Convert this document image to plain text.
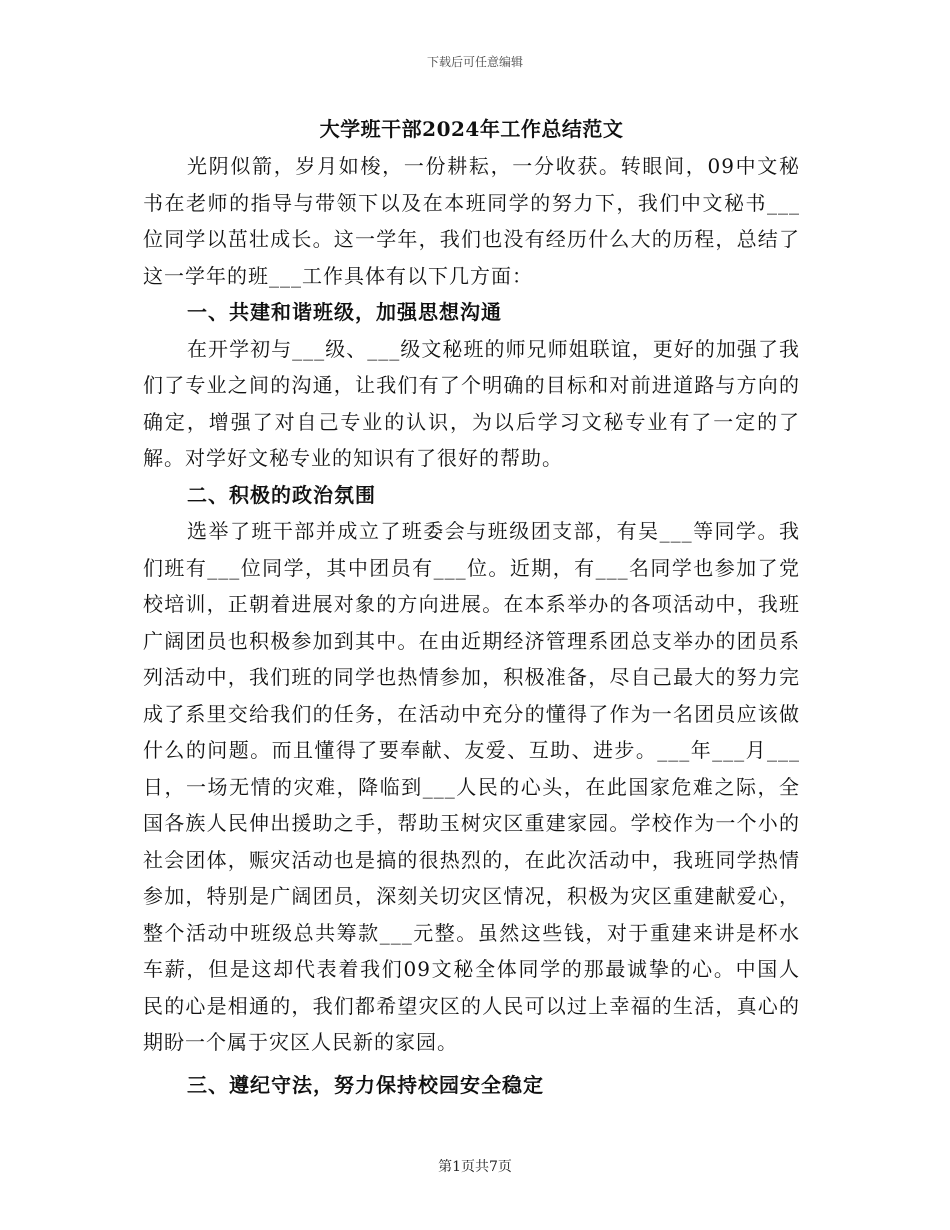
下载后可任意编辑
大学班干部2024年工作总结范文

光阴似箭，岁月如梭，一份耕耘，一分收获。转眼间，09中文秘书在老师的指导与带领下以及在本班同学的努力下，我们中文秘书___位同学以茁壮成长。这一学年，我们也没有经历什么大的历程，总结了这一学年的班___工作具体有以下几方面：

一、共建和谐班级，加强思想沟通

在开学初与___级、___级文秘班的师兄师姐联谊，更好的加强了我们了专业之间的沟通，让我们有了个明确的目标和对前进道路与方向的确定，增强了对自己专业的认识，为以后学习文秘专业有了一定的了解。对学好文秘专业的知识有了很好的帮助。

二、积极的政治氛围

选举了班干部并成立了班委会与班级团支部，有吴___等同学。我们班有___位同学，其中团员有___位。近期，有___名同学也参加了党校培训，正朝着进展对象的方向进展。在本系举办的各项活动中，我班广阔团员也积极参加到其中。在由近期经济管理系团总支举办的团员系列活动中，我们班的同学也热情参加，积极准备，尽自己最大的努力完成了系里交给我们的任务，在活动中充分的懂得了作为一名团员应该做什么的问题。而且懂得了要奉献、友爱、互助、进步。___年___月___日，一场无情的灾难，降临到___人民的心头，在此国家危难之际，全国各族人民伸出援助之手，帮助玉树灾区重建家园。学校作为一个小的社会团体，赈灾活动也是搞的很热烈的，在此次活动中，我班同学热情参加，特别是广阔团员，深刻关切灾区情况，积极为灾区重建献爱心，整个活动中班级总共筹款___元整。虽然这些钱，对于重建来讲是杯水车薪，但是这却代表着我们09文秘全体同学的那最诚挚的心。中国人民的心是相通的，我们都希望灾区的人民可以过上幸福的生活，真心的期盼一个属于灾区人民新的家园。

三、遵纪守法，努力保持校园安全稳定

第1页共7页
